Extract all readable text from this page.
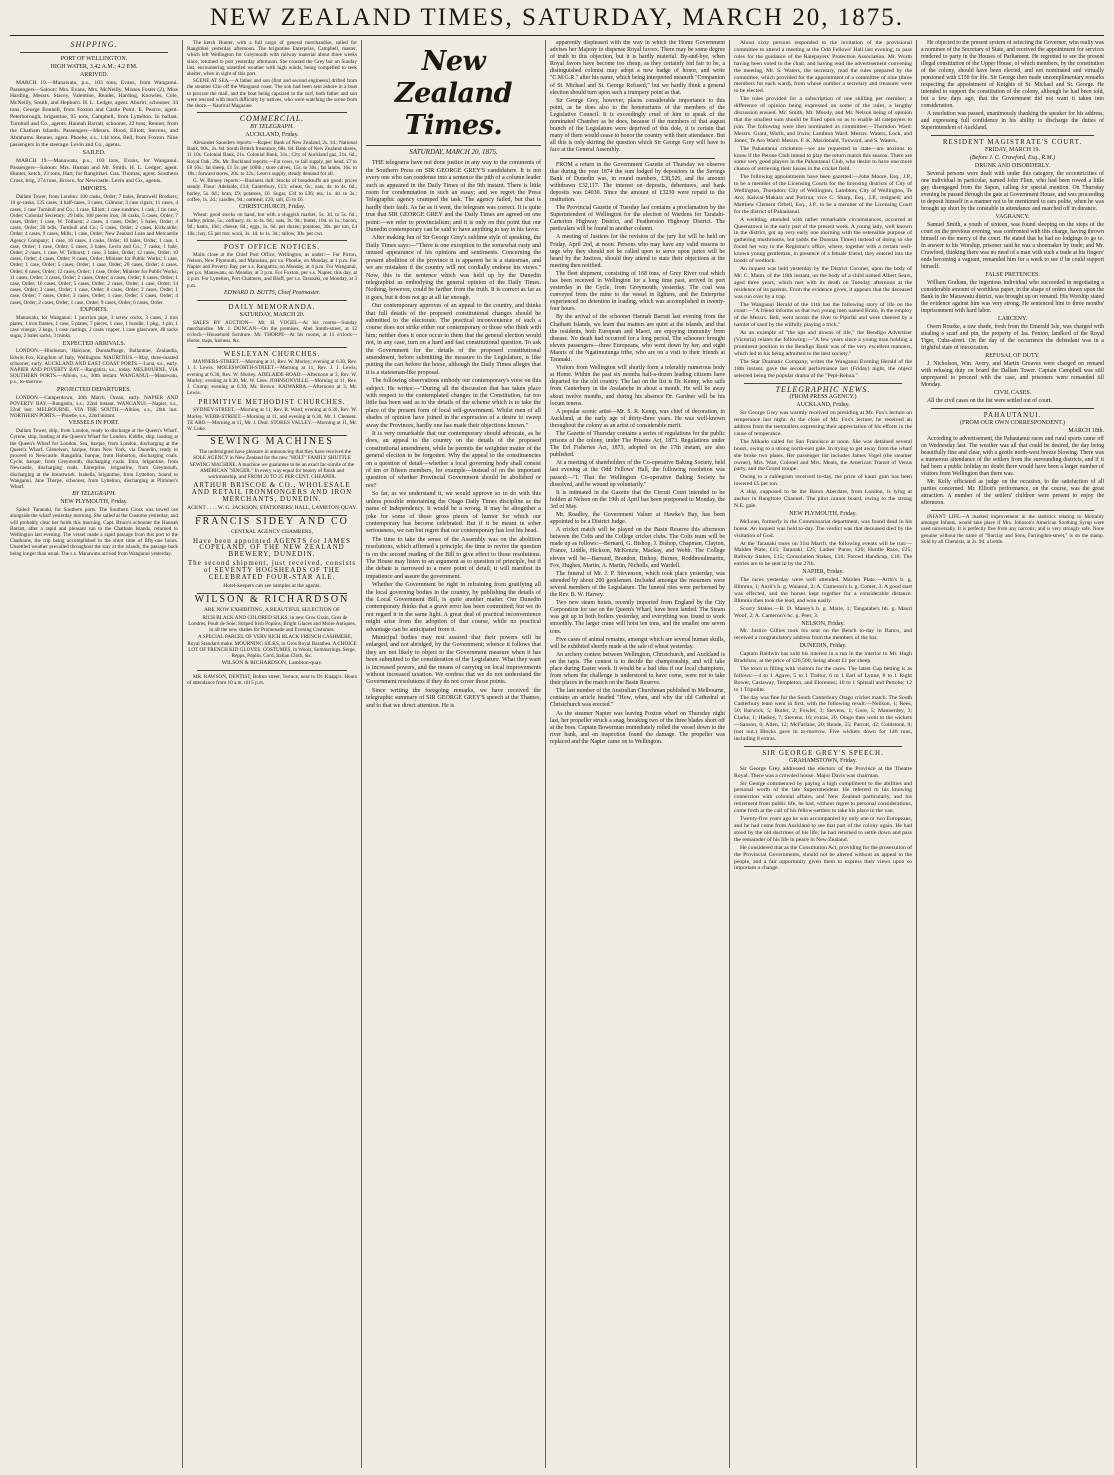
NEW ZEALAND TIMES, SATURDAY, MARCH 20, 1875.
SHIPPING.
PORT OF WELLINGTON.
HIGH WATER, 3.42 A.M.; 4.2 P.M.
ARRIVED.

MARCH 19.—Manawatu, p.s., 103 tons, Evans, from Wanganui. Passengers—Saloon: Mrs. Evans, Mrs. McNeilly, Misses Foster (2), Miss Harding, Messrs. Stacey, Valentine, Reader, Harding, Knowles, Cole, McNeilly, Smith, and Hepburn. H. L. Ledger, agent. Ahuriri, schooner, 34 tons, George Bonnell, from Foxton and Castle Point. E. Pearce, agent. Peterborough, brigantine, 95 tons, Campbell, from Lyttelton. In ballast. Turnbull and Co., agents. Hannah Barratt, schooner, 22 tons, Renner, from the Chatham Islands. Passengers—Messrs. Hood, Elliott, Stevens, and Abrahams. Renner, agent. Phoebe, s.s., 144 tons, Bell, from Foxton. Nine passengers in the steerage. Levin and Co., agents.

SAILED.

MARCH 19.—Manawatu, p.s., 103 tons, Evans, for Wanganui. Passengers—Saloon: Mrs. Human and Mr. Smith. H. L. Ledger, agent. Hunter, ketch, 23 tons, Hart, for Rangitikei. Gas. Thomas, agent. Southern Cross, brig, 274 tons, Brown, for Newcastle. Levin and Co., agents.

IMPORTS.

Dallam Tower, from London: 100 casks, Order; 7 bales, Bramwell Brothers; 10 qr-casks, 125 cases, 4 half-cases, 3 cases, Gilmour, 3 case cigars; 11 cases, 4 cases, 1 case Turnbull and Co.; 1 case, Elliott; 1 case sundries, 1 cask, 1 tin case, Order; Colonial Secretary; 29 bdls, 100 pieces iron, 30 casks, 5 cases, Order; 7 cases, Order; 1 case, W. Tolhurst; 2 cases, 4 cases, Order; 5 bales, Order; 4 cases, Order; 20 bdls, Turnbull and Co.; 5 cases, Order; 2 cases, Kirkcaldie; Order; 4 cases, 9 cases, Mills; 1 case, Order; New Zealand Loan and Mercantile Agency Company; 1 case, 16 cases, 4 casks, Order; 10 bales, Order; 1 case, 1 case, Order; 1 case, Order; 5 cases, 3 bales, Levin and Co.; 7 casks, 1 bale, Order; 2 cases, 1 case, W. Tolhurst; 1 case, 3 bales, Order; 12 cases, Order; 10 cases, Order; 4 cases, Order; 8 cases, Order; Minister for Public Works; 1 case, Order; 1 case, Order; 5 cases, Order; 1 case, Order; 20 cases, Order; 4 cases, Order; 8 cases, Order; 12 cases, Order; 1 case, Order; Minister for Public Works; 11 cases, Order; 3 cases, Order; 2 cases, Order; 4 cases, Order; 6 cases, Order; 1 case, Order; 10 cases, Order; 5 cases, Order; 2 cases, Order; 1 case, Order; 14 cases, Order; 3 cases, Order; 1 case, Order; 8 cases, Order; 2 cases, Order; 1 case, Order; 7 cases, Order; 3 cases, Order; 1 case, Order; 5 cases, Order; 4 cases, Order; 2 cases, Order; 1 case, Order; 9 cases, Order; 6 cases, Order.

EXPORTS.

Manawatu, for Wanganui: 1 junction pipe, 3 screw cocks, 3 cases, 2 iron plates, 1 iron frames, 1 case, 5 plates, 7 pieces, 1 case, 1 bundle, 1 pkg., 1 pin, 1 case vinegar, 2 kegs, 1 case castings, 2 cases copper, 1 case glassware, 40 sacks sugar, 2 bales sacks, 3 trunks.

EXPECTED ARRIVALS.

LONDON.—Hindostan, Halcione, Dunstaffnage, Ballantrae, Zealandia, Edwin Fox, Kingdom of Italy, Wellington. MAURITIUS.—May, three-masted schooner, early. AUCKLAND AND EAST COAST PORTS.—Luna, s.s., early. NAPIER AND POVERTY BAY.—Rangatira, s.s., today. MELBOURNE, VIA SOUTHERN PORTS.—Albion, s.s., 30th instant. WANGANUI.—Manawatu, p.s., to-morrow.

PROJECTED DEPARTURES.

LONDON.—Camperdown, 30th March. Ocean, early. NAPIER AND POVERTY BAY.—Rangatira, s.s., 22nd instant. WANGANUI.—Napier, s.s., 22nd inst. MELBOURNE, VIA THE SOUTH.—Albion, s.s., 26th inst. NORTHERN PORTS.—Phoebe, s.s., 22nd instant.

VESSELS IN PORT.

Dallam Tower, ship, from London, ready to discharge at the Queen's Wharf. Cyrene, ship, loading at the Queen's Wharf for London. Kiddle, ship, loading at the Queen's Wharf for London. Sea, barque, from London, discharging at the Queen's Wharf. Glenelvon, barque, from New York, via Dunedin, ready to proceed to Newcastle. Rangatira, barque, from Hobarton, discharging coals. Cycle, barque, from Greymouth, discharging coals. Emu, brigantine, from Newcastle, discharging coals. Enterprise, brigantine, from Greymouth, discharging at the breastwork. Isabella, brigantine, from Lyttelton, bound to Wanganui. Jane Thorpe, schooner, from Lyttelton, discharging at Plimmer's Wharf.

BY TELEGRAPH.
NEW PLYMOUTH, Friday.

Sailed: Taranaki, for Southern ports. The Southern Cross was towed out alongside the wharf yesterday morning. She sailed at the Customs yesterday, and will probably clear her holds this morning. Capt. Bruce's schooner the Hannah Barratt, after a rapid and pleasant run to the Chatham Islands, returned to Wellington last evening. The vessel made a rapid passage from this port to the Chathams, the trip being accomplished in the short time of fifty-one hours. Unsettled weather prevailed throughout the stay at the islands, the passage back being longer than usual. The s.s. Manawatu arrived from Wanganui yesterday.

The ketch Hunter, with a full cargo of general merchandise, sailed for Rangitikei yesterday afternoon. The brigantine Enterprise, Campbell, master, which left Wellington for Greymouth with railway material about three weeks since, returned to port yesterday afternoon. She crossed the Grey bar on Sunday last, encountering unsettled weather with high winds, being compelled to seek shelter, when in sight of this port.

SCENE AT SEA.—A father and son (first and second engineers) drifted from the steamer Clio off the Wanganui coast. The son had been sent ashore in a boat to procure the mail, and the boat being capsized in the surf, both father and son were rescued with much difficulty by natives, who were watching the scene from the shore.—Nautical Magazine.

COMMERCIAL.
BY TELEGRAPH.
AUCKLAND, Friday.

Alexander Saunders reports:—Rupee: Bank of New Zealand, 2s. 1d.; National Bank, 60s., 2s. 6d. South British Insurance, 68s. 6d. Bank of New Zealand shares, 11 10s. Colonial Bank, 21s. Colonial Bank, 31s.; City of Auckland gas, 21s. 6d.; Royal Oak, 29s. Mr. Buckland reports:—Fat cows, to fall supply, per head, £7 to £8 10s.; fat sheep, £1 5s. per 100lb.; store calves, 15s. to 30s.; fat lambs, 16s. to 18s.; forward stores, 20s. to 32s.; Leon's supply, steady demand for all.

G. W. Binney reports:—Business dull. Stocks of breadstuffs are good; prices steady. Flour: Adelaide, £14; Canterbury, £13; wheat, 6s.; oats, 4s. to 4s. 6d.; barley, 5s. 6d.; bran, £9; potatoes, £6. Sugar, £34 to £36; tea, 1s. 4d. to 2s.; coffee, 1s. 2d.; candles, 9d.; oatmeal, £20; salt, £5 to £6.

CHRISTCHURCH, Friday.

Wheat: good stocks on hand, but with a sluggish market, 5s. 3d. to 5s. 6d.; barley, prime, 5s.; ordinary, 4s. to 4s. 6d.; oats, 3s. 9d.; butter, 10d. to 1s.; bacon, 9d.; hams, 10d.; cheese, 8d.; eggs, 1s. 6d. per dozen; potatoes, 30s. per ton, £4 10s.; hay, £5 per ton; wool, 3s. 1d. to 1s. 3d.; tallow, 30s. per cwt.

POST OFFICE NOTICES.

Mails close at the Chief Post Office, Wellington, as under:— For Picton, Nelson, New Plymouth, and Manukau, per s.s. Phoebe, on Monday, at 1 p.m. For Napier and Poverty Bay, per s.s. Rangatira, on Monday, at 4 p.m. For Wanganui, per p.s. Manawatu, on Monday, at 3 p.m. For Foxton, per s.s. Napier, this day, at 3 p.m. For Lyttelton, Port Chalmers, and Bluff, per s.s. Taranaki, on Monday, at 3 p.m.

EDWARD D. BUTTS, Chief Postmaster.
DAILY MEMORANDA.
SATURDAY, MARCH 20.

SALES BY AUCTION— Mr. H. VOGEL—At his rooms—Sunday merchandise. Mr. J. DUNCAN—On the premises, Abel Smith-street, at 12 o'clock—Household furniture. Mr. THORPE—At his rooms, at 11 o'clock—Horse, traps, harness, &c.

WESLEYAN CHURCHES.

MANNERS-STREET.—Morning at 11, Rev. W. Morley; evening at 6.30, Rev. J. J. Lewis. MOLESWORTH-STREET.—Morning at 11, Rev. J. J. Lewis; evening at 6.30, Rev. W. Morley. ADELAIDE-ROAD.—Afternoon at 3, Rev. W. Morley; evening at 6.30, Mr. W. Lees. JOHNSONVILLE.—Morning at 11, Rev. J. Crump; evening at 6.30, Mr. Brown. KAIWARRA.—Afternoon at 3, Mr. Lewis.

PRIMITIVE METHODIST CHURCHES.

SYDNEY-STREET.—Morning at 11, Rev. R. Ward; evening at 6.30, Rev. W. Morley. WEBB-STREET.—Morning at 11, and evening at 6.30, Mr. J. Clement. TE ARO.—Morning at 11, Mr. J. Deal. STOKES VALLEY.—Morning at 11, Mr. W. Luke.

SEWING MACHINES

The undersigned have pleasure in announcing that they have received the SOLE AGENCY in New Zealand for the new "HOLT" FAMILY SHUTTLE SEWING MACHINE. A machine we guarantee to be an exact fac-simile of the AMERICAN "SINGER." In every way equal for beauty of finish and workmanship, and FROM 20 TO 25 PER CENT. CHEAPER.

ARTHUR BRISCOE & CO., WHOLESALE AND RETAIL IRONMONGERS AND IRON MERCHANTS, DUNEDIN.
AGENT . . . . W. G. JACKSON, STATIONERS' HALL, LAMBTON-QUAY.
FRANCIS SIDEY AND CO
CENTRAL AGENCY CHAMBERS,
Have been appointed AGENTS for JAMES COPELAND, OF THE NEW ZEALAND BREWERY, DUNEDIN.
The second shipment, just received, consists of SEVENTY HOGSHEADS OF THE CELEBRATED FOUR-STAR ALE.
Hotel-keepers can see samples at the agents.
WILSON & RICHARDSON
ARE NOW EXHIBITING, A BEAUTIFUL SELECTION OF

RICH BLACK AND COLORED SILKS, in new Gros Grain, Gros de Londres, Poult de Soie, Striped Irish Poplins, Bright Glaces and Moire Antiques, in all the new shades for Promenade and Evening Costumes.

A SPECIAL PARCEL OF VERY RICH BLACK FRENCH CASHMERE, Royal Standard make. MOURNING SILKS, in Gros Royal Barathea. A CHOICE LOT OF FRENCH KID GLOVES. COSTUMES, in Wools, Summerings, Serge, Repps, Poplin, Cord, Italian Cloth, &c.

WILSON & RICHARDSON, Lambton-quay.

MR. RAWSON, DENTIST, Bolton street, Terrace, next to Dr. Knapp's. Hours of attendance from 10 a.m. till 5 p.m.

New Zealand Times.
SATURDAY, MARCH 20, 1875.

THE telegrams have not done justice in any way to the comments of the Southern Press on SIR GEORGE GREY'S candidature. It is not every one who can condense into a sentence the pith of a column leader such as appeared in the Daily Times of the 9th instant. There is little room for condemnation in such an essay; and we regret the Press Telegraphic agency cramped the task. The agency failed, but that is hardly their fault. As far as it went, the telegram was correct. It is quite true that SIR GEORGE GREY and the Daily Times are agreed on one point:—we refer to provincialism; and it is only on this point that our Dunedin contemporary can be said to have anything to say in his favor.

After making fun of Sir George Grey's sublime style of speaking, the Daily Times says:—"There is one exception to the somewhat rusty and unused appearance of his opinions and sentiments. Concerning the present abolition of the province it is apparent he is a statesman, and we are mistaken if the country will not cordially endorse his views." Now, this is the sentence which was held up by the Dunedin telegraphist as embodying the general opinion of the Daily Times. Nothing, however, could be farther from the truth. It is correct as far as it goes, but it does not go at all far enough.

Our contemporary approves of an appeal to the country, and thinks that full details of the proposed constitutional changes should be submitted to the electorate. The practical inconvenience of such a course does not strike either our contemporary or those who think with him; neither does it once occur to them that the general election would not, in any case, turn on a hard and fast constitutional question. To ask the Government for the details of the proposed constitutional amendment, before submitting the measure to the Legislature, is like putting the cart before the horse, although the Daily Times alleges that it is a statesman-like proposal.

The following observations embody our contemporary's view on this subject. He writes:—"During all the discussion that has taken place with respect to the contemplated changes in the Constitution, far too little has been said as to the details of the scheme which is to take the place of the present form of local self-government. Whilst men of all shades of opinion have joined in the expression of a desire to sweep away the Provinces, hardly one has made their objections known."

It is very remarkable that our contemporary should advocate, as he does, an appeal to the country on the details of the proposed constitutional amendment, while he permits the weightier matter of the general election to be forgotten. Why the appeal to the constituencies on a question of detail—whether a local governing body shall consist of ten or fifteen members, for example—instead of on the important question of whether Provincial Government should be abolished or not?

So far, as we understand it, we would approve so to do with this unless possible entertaining the Otago Daily Times discipline as the name of Independency. It would be a wrong. It may be altogether a joke for some of those gross pieces of humor for which our contemporary has become celebrated. But if it be meant in sober seriousness, we can but regret that our contemporary has lost his head.

The time to take the sense of the Assembly was on the abolition resolutions, which affirmed a principle; the time to revive the question is on the second reading of the Bill to give effect to those resolutions. The House may listen to an argument as to question of principle, but if the debate is narrowed to a mere point of detail, it will manifest its impatience and assure the government.

Whether the Government be right in refraining from gratifying all the local governing bodies in the country, by publishing the details of the Local Government Bill, is quite another matter. Our Dunedin contemporary thinks that a grave error has been committed; but we do not regard it in the same light. A great deal of practical inconvenience might arise from the adoption of that course, while no practical advantage can be anticipated from it.

Municipal bodies may rest assured that their powers will be enlarged, and not abridged, by the Government; whence it follows that they are not likely to object to the Government measure when it has been submitted to the consideration of the Legislature. What they want is increased powers, and the means of carrying on local improvements without increased taxation. We confess that we do not understand the Government resolutions if they do not cover those points.

Since writing the foregoing remarks, we have received the telegraphic summary of SIR GEORGE GREY'S speech at the Thames, and to that we direct attention. He is

apparently displeased with the way in which the Home Government advises her Majesty to dispense Royal favors. There may be some degree of truth in this objection, but it is hardly material. By-and-bye, when Royal favors have become too cheap, as they certainly bid fair to be, a distinguished colonist may adopt a new badge of honor, and write "C.M.G.R." after his name, which being interpreted meaneth "Companion of St. Michael and St. George Refused;" but we hardly think a general election should turn upon such a trumpery point as that.

Sir George Grey, however, places considerable importance to this point, as he does also to the honorariums of the members of the Legislative Council. It is exceedingly cruel of him to speak of the nominated Chamber as he does, because if the members of that august branch of the Legislature were deprived of this dole, it is certain that many of them would cease to honor the country with their attendance. But all this is only skirting the question which Sir George Grey will have to face at the General Assembly.

FROM a return in the Government Gazette of Thursday we observe that during the year 1874 the sum lodged by depositors in the Savings Bank of Dunedin was, in round numbers, £38,526, and the amount withdrawn £32,117. The interest on deposits, debentures, and bank deposits was £4030. Since the amount of £3230 were repaid to the institution.

The Provincial Gazette of Tuesday last contains a proclamation by the Superintendent of Wellington for the election of Wardens for Taratahi-Carterton Highway District, and Featherston Highway District. The particulars will be found in another column.

A meeting of Justices for the revision of the jury list will be held on Friday, April 2nd, at noon. Persons who may have any valid reasons to urge why they should not be called upon to serve upon juries will be heard by the Justices, should they attend to state their objections at the meeting then notified.

The fleet shipment, consisting of 168 tons, of Grey River coal which has been received in Wellington for a long time past, arrived in port yesterday in the Cycle, from Greymouth, yesterday. The coal was conveyed from the mine to the vessel in lighters, and the Enterprise experienced no detention in loading, which was accomplished in twenty-four hours.

By the arrival of the schooner Hannah Barratt last evening from the Chatham Islands, we learn that matters are quiet at the islands, and that the residents, both European and Maori, are enjoying immunity from disease. No death had occurred for a long period. The schooner brought eleven passengers—three Europeans, who went down by her, and eight Maoris of the Ngatimutunga tribe, who are on a visit to their friends at Taranaki.

Visitors from Wellington will shortly form a tolerably numerous body at Home. Within the past six months half-a-dozen leading citizens have departed for the old country. The last on the list is Dr. Kenny, who sails from Canterbury in the Avalanche in about a month. He will be away about twelve months, and during his absence Dr. Gardner will be his locum tenens.

A popular scenic artist—Mr. S. R. Kemp, was chief of decoration, in Auckland, at the early age of thirty-three years. He was well-known throughout the colony as an artist of considerable merit.

The Gazette of Thursday contains a series of regulations for the public prisons of the colony, under The Prisons Act, 1873. Regulations under The Eel Fisheries Act, 1873, adopted on the 17th instant, are also published.

At a meeting of shareholders of the Co-operative Baking Society, held last evening at the Odd Fellows' Hall, the following resolution was passed:—"I. That the Wellington Co-operative Baking Society be dissolved, and be wound up voluntarily."

It is intimated in the Gazette that the Circuit Court intended to be holden at Nelson on the 19th of April has been postponed to Monday, the 3rd of May.

Mr. Roadley, the Government Valuer at Hawke's Bay, has been appointed to be a District Judge.

A cricket match will be played on the Basin Reserve this afternoon between the Colts and the College cricket clubs. The Colts team will be made up as follows:—Bernard, G. Bishop, J. Bishop, Chapman, Clayton, France, Liddle, Hickson, McKenzie, Mackay, and Webb. The College eleven will be—Barraud, Brandon, Bishop, Burnes, Roddinoulimaritu, Fox, Hughes, Martin, A. Martin, Nicholls, and Wardell.

The funeral of Mr. J. P. Stevenson, which took place yesterday, was attended by about 200 gentlemen. Included amongst the mourners were several members of the Legislature. The funeral rites were performed by the Rev. B. W. Harvey.

Two new steam hoists, recently imported from England by the City Corporation for use on the Queen's Wharf, have been landed. The Steam was got up in both boilers yesterday, and everything was found to work smoothly. The larger crane will hoist ten tons, and the smaller one seven tons.

Five cases of animal remains, amongst which are several human skulls, will be exhibited shortly made at the sale of wheat yesterday.

An archery contest between Wellington, Christchurch, and Auckland is on the tapis. The contest is to decide the championship, and will take place during Easter week. It would be a bad idea if our local champions, from whom the challenge is understood to have come, were not to take their places in the match on the Basin Reserve.

The last number of the Australian Churchman published in Melbourne, contains an article headed "How, when, and why the old Cathedral at Christchurch was erected."

As the steamer Napier was leaving Foxton wharf on Thursday night last, her propeller struck a snag, breaking two of the three blades short off at the boss. Captain Bowerman immediately rolled the vessel down to the river bank, and on inspection found the damage. The propeller was replaced and the Napier came on to Wellington.

About sixty persons responded to the invitation of the provisional committee to attend a meeting at the Odd Fellows' Hall last evening, to pass rules for the guidance of the Ratepayers' Protection Association. Mr. Worth having been voted to the chair, and having read the advertisement convening the meeting, Mr. S. Waters, the secretary, read the rules prepared by the committee, which provided for the appointment of a committee of nine (three members for each ward), from whose number a secretary and treasurer were to be elected.

The rules provided for a subscription of one shilling per member; a difference of opinion being expressed on some of the rules, a lengthy discussion ensued. Mr. Smith, Mr. Moody, and Mr. Nelson being of opinion that the smallest sum should be fixed upon so as to enable all ratepayers to join. The following were then nominated as committee:—Thorndon Ward: Messrs. Grant, Worth, and Irwin; Lambton Ward: Messrs. Waters, Lock, and Jones; Te Aro Ward: Messrs. F. K. Macdonald, Toxward, and S. Waters.

The Pahautanui cricketers—we are requested to state—are anxious to know if the Petone Club intend to play the return match this season. There are some very good players in the Pahautanui Club, who desire to have one more chance of retrieving their losses in the cricket field.

The following appointments have been gazetted:—John Moore, Esq., J.P., to be a member of the Licensing Courts for the licensing districts of City of Wellington, Thorndon; City of Wellington, Lambton; City of Wellington, Te Aro; Kaiwai-Makara and Porirua; vice C. Sharp, Esq., J.P., resigned; and Matthew Clement Orbell, Esq., J.P., to be a member of the Licensing Court for the district of Pahautanui.

A wedding, attended with rather remarkable circumstances, occurred at Queenstown in the early part of the present week. A young lady, well known in the district, got up very early one morning with the ostensible purpose of gathering mushrooms, but (adds the Dunstan Times) instead of doing so she found her way to the Registrar's office, where, together with a certain well-known young gentleman, in presence of a female friend, they entered into the bonds of wedlock.

An inquest was held yesterday by the District Coroner, upon the body of Mr. C. Mann, of the 18th instant, on the body of a child named Albert Sears, aged three years, which met with its death on Tuesday afternoon at the residence of its parents. From the evidence given, it appears that the deceased was run over by a trap.

The Wanganui Herald of the 11th has the following story of life on the coast:—"A friend informs us that two young men named Brain, in the employ of the Messrs. Bell, went across the river to Pipiriki and were cheered by a hamlet of sand by the wilfully playing a trick."

As an example of "the ups and downs of life," the Bendigo Advertiser (Victoria) relates the following:—"A few years since a young man holding a prominent position in the Bendigo Bank was of the very excellent manners, which led to his being admitted to the best society."

The Star Dramatic Company, writes the Wanganui Evening Herald of the 18th instant, gave the second performance last (Friday) night, the object selected being the popular drama of the "Pepi-Rehua."

TELEGRAPHIC NEWS.
(FROM PRESS AGENCY.)
AUCKLAND, Friday.

Sir George Grey was warmly received on presiding at Mr. Fox's lecture on temperance last night. At the close of Mr. Fox's lecture, he received an address from the teetotallers expressing their appreciation of his efforts in the cause of temperance.

The Mikado sailed for San Francisco at noon. She was detained several hours, owing to a strong north-east gale. In trying to get away from the wharf she broke two plates. Her passenger list includes James Vogel (the steamer owner), Mrs. Watt, Colonel and Mrs. Meals, the American Transit of Venus party, and the Grand troupe.

Owing to a cablegram received to-day, the price of kauri gum has been lowered £5 per ton.

A ship, supposed to be the Baron Aberdare, from London, is lying at anchor in Rangitoto Channel. The pilot cannot board, owing to the strong N.E. gale.

NEW PLYMOUTH, Friday.

McLean, formerly in the Commissariat department, was found dead in his house. An inquest was held to-day. The verdict was that deceased died by the visitation of God.

At the Taranaki races on 31st March, the following events will be run:—Maiden Plate, £15; Taranaki, £25; Ladies' Purse, £20; Hurdle Race, £25; Railway Stakes, £15; Consolation Stakes, £10; Forced Handicap, £10. The entries are to be sent in by the 27th.

NAPIER, Friday.

The races yesterday were well attended. Maiden Plate.—Arthi's b. g. Illimma, 1; Aurii's b. g. Waianui, 2; A. Cameron's b. g. Comet, 3. A good start was effected, and the horses kept together for a considerable distance. Illimma then took the lead, and won easily.

Scurry Stakes.—B. D. Maney's b. g. Marie, 1; Tangatahe's bh. g. Maori Woof, 2; A. Cameron's bc. g. Peer, 3.

NELSON, Friday.

Mr. Justice Gillies took his seat on the Bench to-day in Banco, and received a congratulatory address from the members of the bar.

DUNEDIN, Friday.

Captain Baldwin has sold his interest in a run in the interior to Mr. Hugh Bradshaw, at the price of £26,500, being about £1 per sheep.

The town is filling with visitors for the races. The latest Cup betting is as follows:—4 to 1 Agave, 5 to 1 Traitor, 6 to 1 Earl of Lynne, 8 to 1 Right Bower, Castaway, Templeton, and Elorentes; 10 to 1 Spitsall and Pertobe; 12 to 1 Tripolite.

The day was fine for the South Canterbury Otago cricket match. The South Canterbury team went in first, with the following result:—Neilson, 1; Rees, 50; Barwick, 5; Butler, 2; Fowler, 3; Stevens, 1; Gore, 5; Mannerdey, 3; Clarke, 1; Haskey, 7; Stevens, 16; extras, 20. Otago then went to the wickets—Sanson, 6; Allen, 12; McFarlane, 20; Reade, 55; Parrott, 42; Coldstone, 0; (not out.) Blocks gave in to-morrow. Five wickets down for 146 runs, including 8 extras.

SIR GEORGE GREY'S SPEECH.
GRAHAMSTOWN, Friday.

Sir George Grey addressed the electors of the Province at the Theatre Royal. There was a crowded house. Major Davis was chairman.

Sir George commenced by paying a high compliment to the abilities and personal worth of the late Superintendent. He referred to his knowing connection with colonial affairs, and New Zealand particularly, and his retirement from public life, he had, without regret to personal considerations, come forth at the call of his fellow-settlers to take his place in the van.

Twenty-five years ago he was accompanied by only one or two Europeans, and he had come from Auckland to see that part of the colony again. He had stood by the old doctrines of his life; he had returned to settle down and pass the remainder of his life in peace in New Zealand.

He considered that as the Constitution Act, providing for the prosecution of the Provincial Governments, should not be altered without an appeal to the people, and a fair opportunity given them to express their views upon so important a change.

He objected to the present system of selecting the Governor, who really was a nominee of the Secretary of State, and received the appointment for services rendered to party in the Houses of Parliament. He regretted to see the present illegal constitution of the Upper House, of which members, by the constitution of the colony, should have been elected, and not nominated and virtually pensioned with £150 for life. Sir George then made uncomplimentary remarks respecting the appointment of Knights of St. Michael and St. George. He intended to support the constitution of the colony, although he had been told, but a few days ago, that the Government did not want it taken into consideration.

A resolution was passed, unanimously thanking the speaker for his address, and expressing full confidence in his ability to discharge the duties of Superintendent of Auckland.

RESIDENT MAGISTRATE'S COURT.
FRIDAY, MARCH 19.
(Before J. C. Crawford, Esq., R.M.)
DRUNK AND DISORDERLY.

Several persons were dealt with under this category, the eccentricities of one individual in particular, named John Flinn, who had been rowed a little gay disengaged from the Sapon, calling for special mention. On Thursday evening he passed through the gate at Government House, and was proceeding to deposit himself in a manner not to be mentioned to ears polite, when he was brought up short by the constable in attendance and marched off in durance.

VAGRANCY.

Samuel Smith, a youth of sixteen, was found sleeping on the steps of the court on the previous evening, was confronted with this charge, having thrown himself on the mercy of the court. He stated that he had no lodgings to go to. In answer to his Worship, prisoner said he was a shoemaker by trade; and Mr. Crawford, thinking there was no need of a man with such a trade at his fingers' ends becoming a vagrant, remanded him for a week to see if he could support himself.

FALSE PRETENCES.

William Graham, the ingenious individual who succeeded in negotiating a considerable amount of worthless paper, in the shape of orders drawn upon the Bank in the Manawatu district, was brought up on remand. His Worship stated the evidence against him was very strong. He sentenced him to three months' imprisonment with hard labor.

LARCENY.

Owen Rourke, a raw shade, fresh from the Emerald Isle, was charged with stealing a scarf and pin, the property of Jas. Fenton, landlord of the Royal Tiger, Cuba-street. On the day of the occurrence the defendant was in a frightful state of intoxication.

REFUSAL OF DUTY.

J. Nicholson, Wm. Avery, and Martin Greaves were charged on remand with refusing duty on board the Dallam Tower. Captain Campbell was still unprepared to proceed with the case, and prisoners were remanded till Monday.

CIVIL CASES.

All the civil cases on the list were settled out of court.

PAHAUTANUI.
(FROM OUR OWN CORRESPONDENT.)
MARCH 18th.

According to advertisement, the Pahautanui races and rural sports came off on Wednesday last. The weather was all that could be desired, the day being beautifully fine and clear, with a gentle north-west breeze blowing. There was a numerous attendance of the settlers from the surrounding districts, and if it had been a public holiday no doubt there would have been a larger number of visitors from Wellington than there was.

Mr. Kelly officiated as judge on the occasion, to the satisfaction of all parties concerned. Mr. Elliott's performance, on the course, was the great attraction. A number of the settlers' children were present to enjoy the afternoon.

INFANT LIFE.—A marked improvement in the statistics relating to Mortality amongst Infants, would take place if Mrs. Johnson's American Soothing Syrup were used universally. It is perfectly free from any narcotic, and is very strongly safe. None genuine without the name of "Barclay and Sons, Farringdon-street," is on the stamp. Sold by all Chemists, at 2s. 9d. a bottle.
